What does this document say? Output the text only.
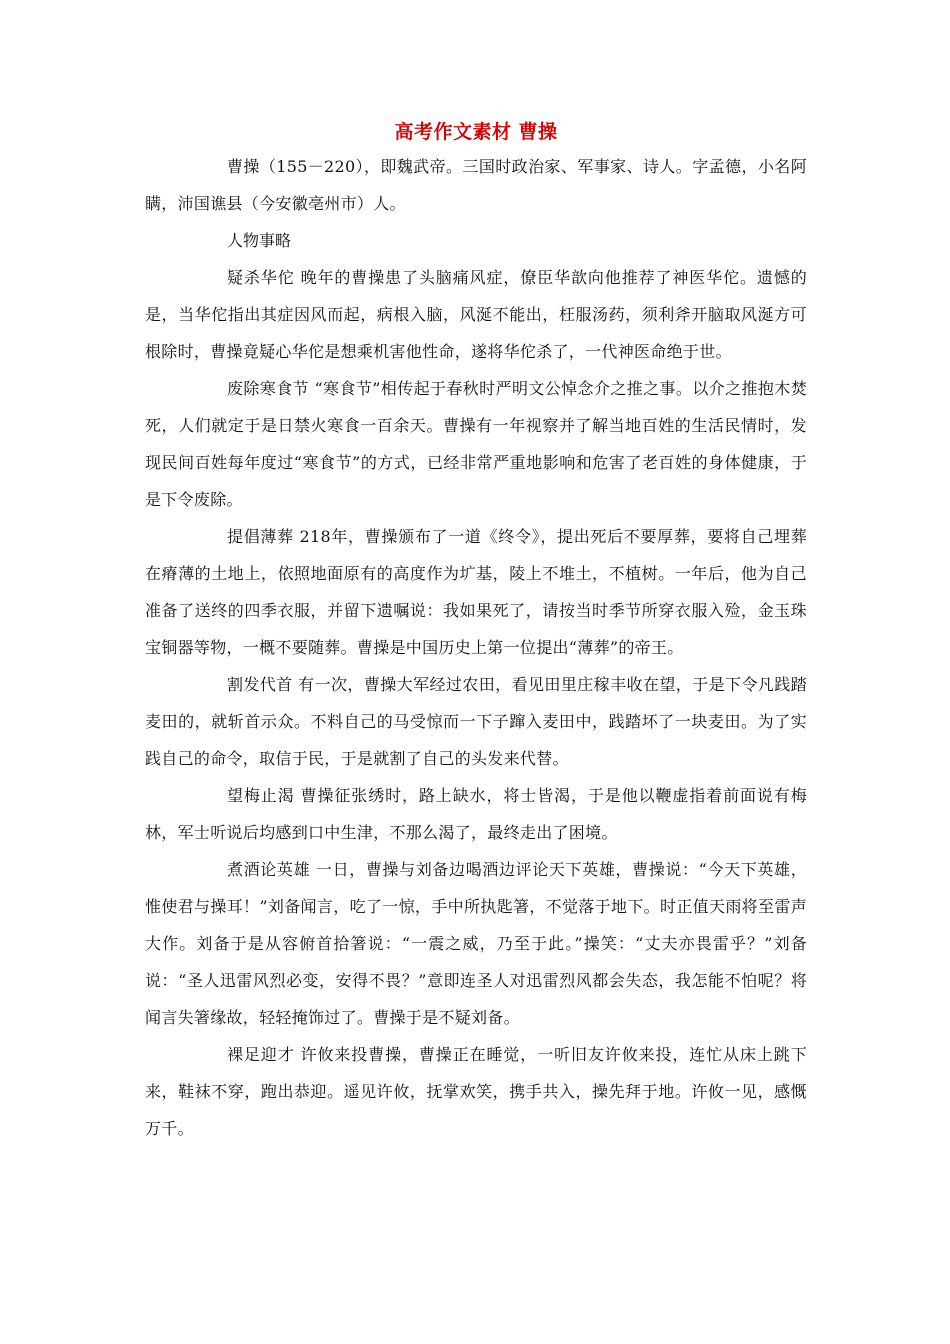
高考作文素材 曹操

曹操（155－220），即魏武帝。三国时政治家、军事家、诗人。字孟德，小名阿瞒，沛国谯县（今安徽亳州市）人。

人物事略

疑杀华佗 晚年的曹操患了头脑痛风症，僚臣华歆向他推荐了神医华佗。遗憾的是，当华佗指出其症因风而起，病根入脑，风涎不能出，枉服汤药，须利斧开脑取风涎方可根除时，曹操竟疑心华佗是想乘机害他性命，遂将华佗杀了，一代神医命绝于世。

废除寒食节 “寒食节”相传起于春秋时严明文公悼念介之推之事。以介之推抱木焚死，人们就定于是日禁火寒食一百余天。曹操有一年视察并了解当地百姓的生活民情时，发现民间百姓每年度过“寒食节”的方式，已经非常严重地影响和危害了老百姓的身体健康，于是下令废除。

提倡薄葬 218年，曹操颁布了一道《终令》，提出死后不要厚葬，要将自己埋葬在瘠薄的土地上，依照地面原有的高度作为圹基，陵上不堆土，不植树。一年后，他为自己准备了送终的四季衣服，并留下遗嘱说：我如果死了，请按当时季节所穿衣服入殓，金玉珠宝铜器等物，一概不要随葬。曹操是中国历史上第一位提出“薄葬”的帝王。

割发代首 有一次，曹操大军经过农田，看见田里庄稼丰收在望，于是下令凡践踏麦田的，就斩首示众。不料自己的马受惊而一下子蹿入麦田中，践踏坏了一块麦田。为了实践自己的命令，取信于民，于是就割了自己的头发来代替。

望梅止渴 曹操征张绣时，路上缺水，将士皆渴，于是他以鞭虚指着前面说有梅林，军士听说后均感到口中生津，不那么渴了，最终走出了困境。

煮酒论英雄 一日，曹操与刘备边喝酒边评论天下英雄，曹操说：“今天下英雄，惟使君与操耳！”刘备闻言，吃了一惊，手中所执匙箸，不觉落于地下。时正值天雨将至雷声大作。刘备于是从容俯首拾箸说：“一震之威，乃至于此。”操笑：“丈夫亦畏雷乎？”刘备说：“圣人迅雷风烈必变，安得不畏？”意即连圣人对迅雷烈风都会失态，我怎能不怕呢？将闻言失箸缘故，轻轻掩饰过了。曹操于是不疑刘备。

裸足迎才 许攸来投曹操，曹操正在睡觉，一听旧友许攸来投，连忙从床上跳下来，鞋袜不穿，跑出恭迎。遥见许攸，抚掌欢笑，携手共入，操先拜于地。许攸一见，感慨万千。
